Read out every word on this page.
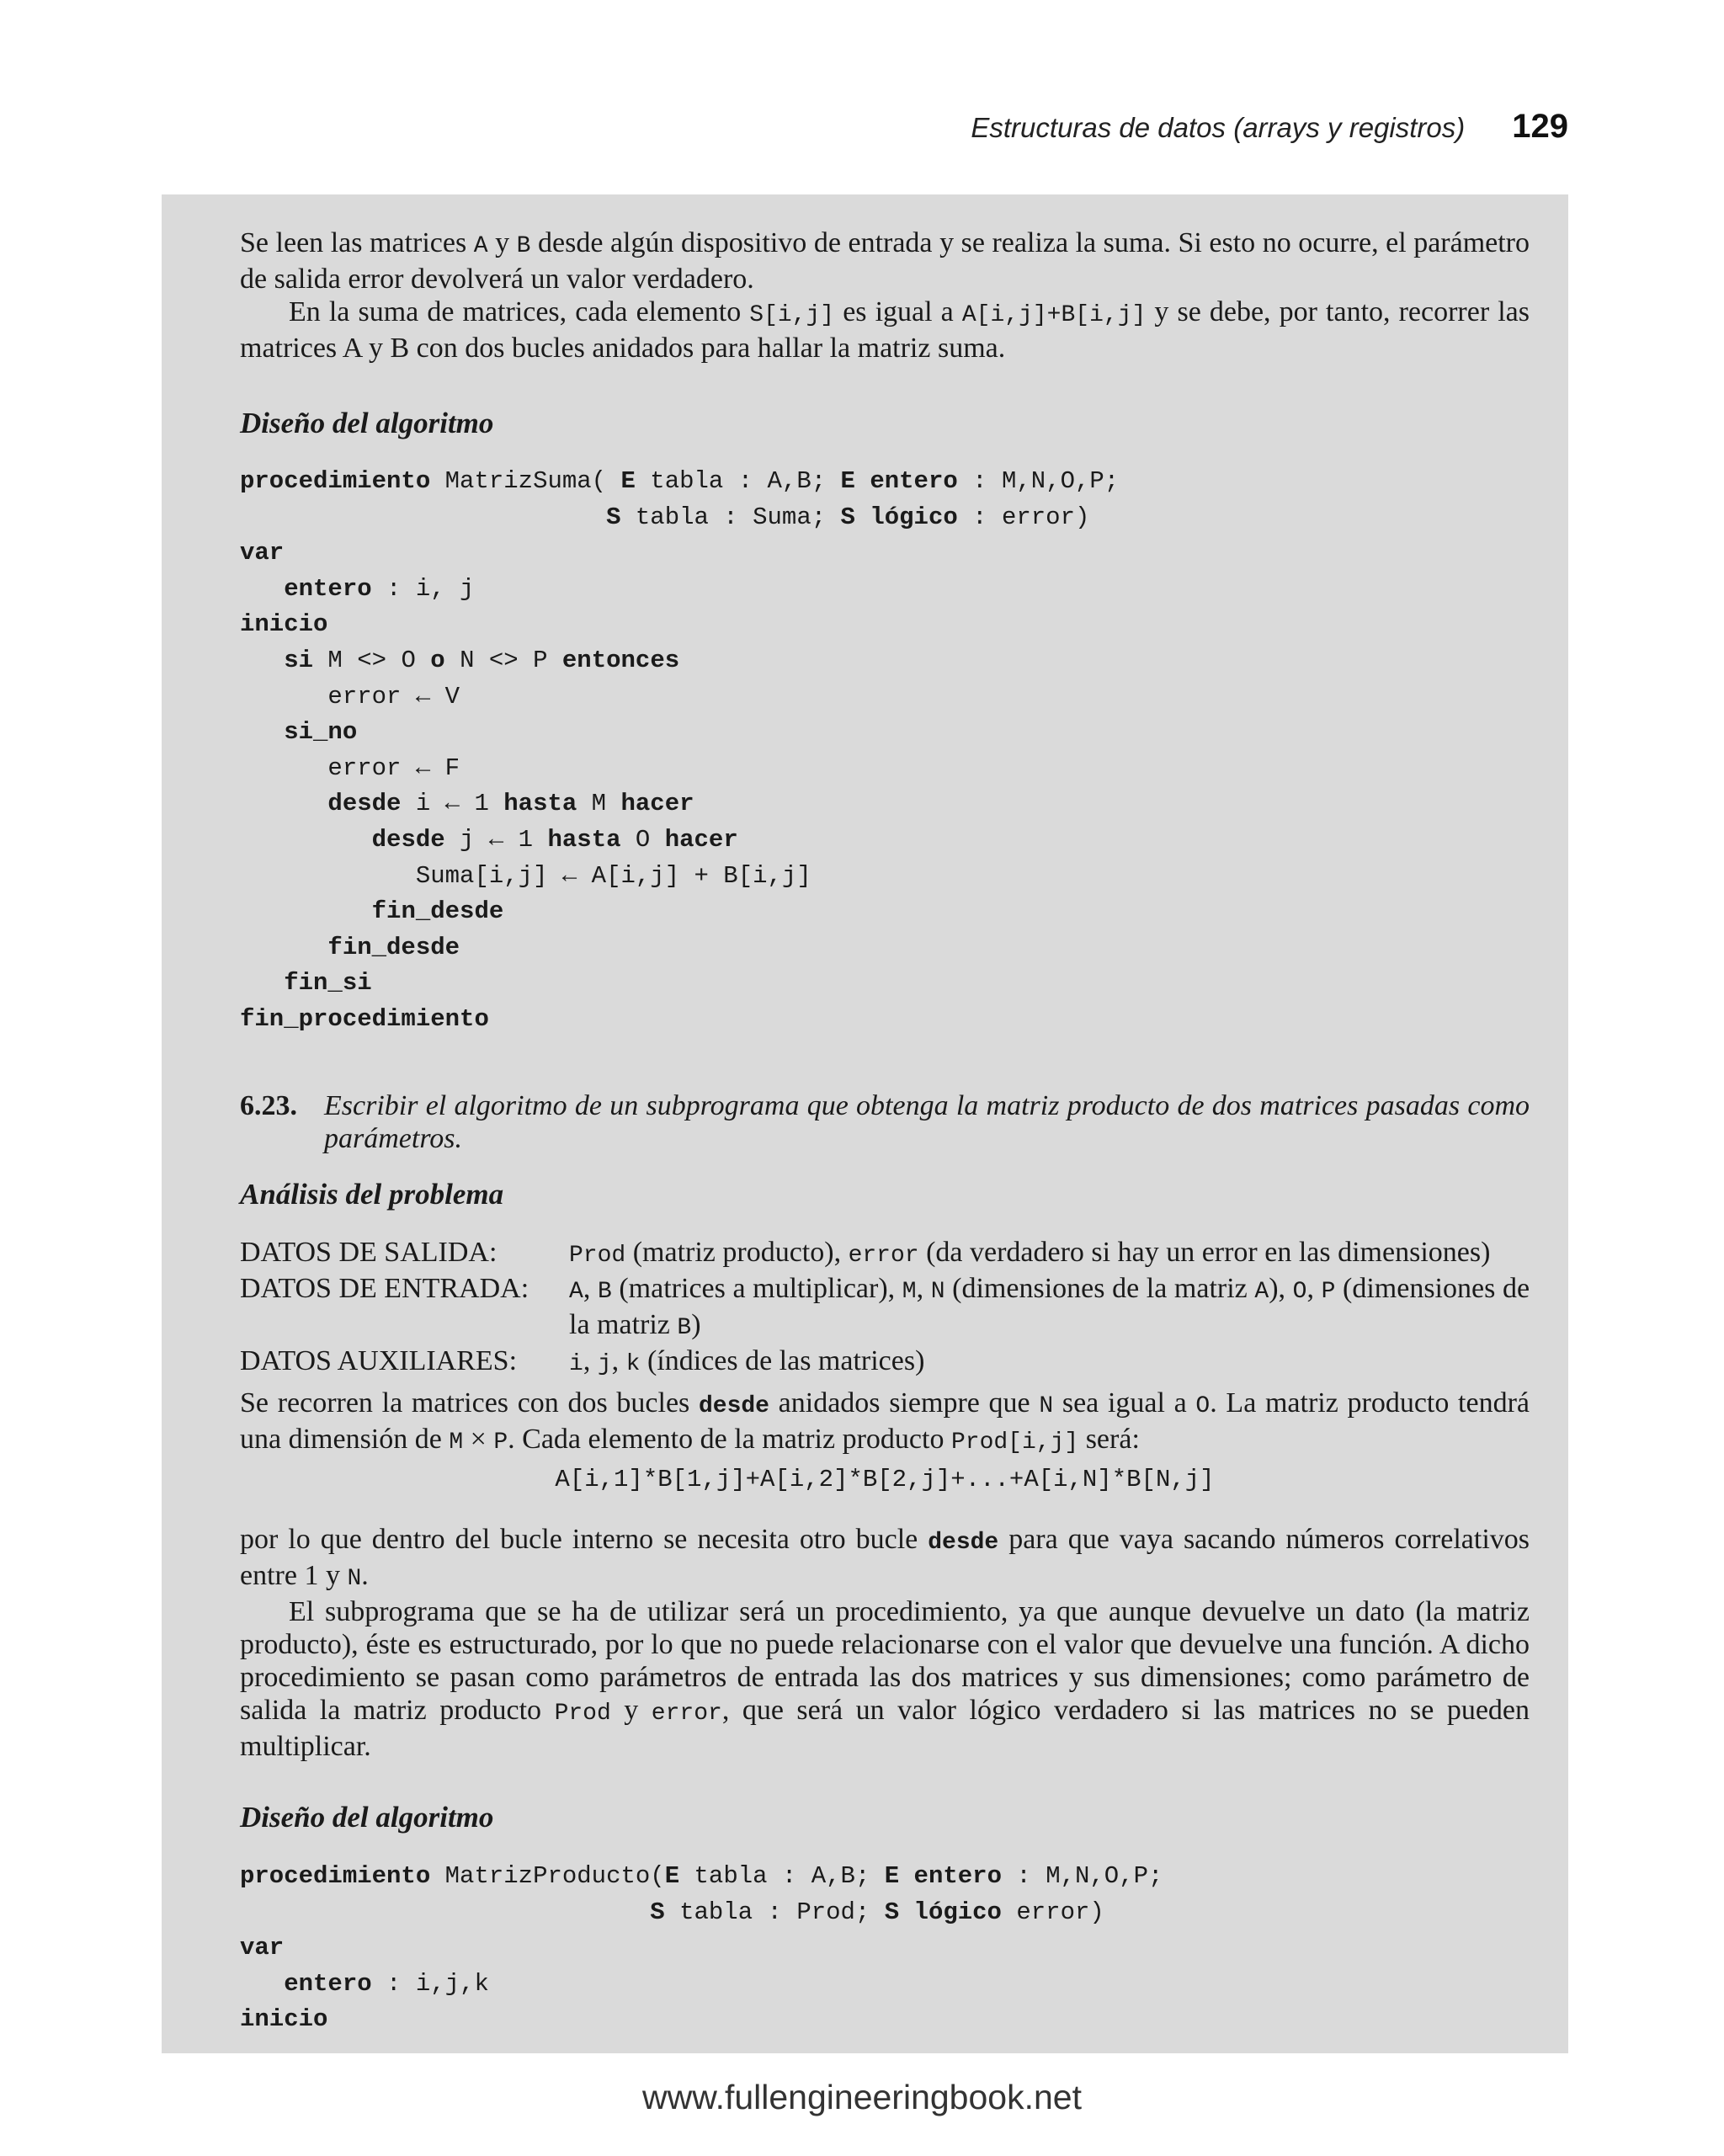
Estructuras de datos (arrays y registros) 129

Se leen las matrices A y B desde algún dispositivo de entrada y se realiza la suma. Si esto no ocurre, el parámetro de salida error devolverá un valor verdadero.

En la suma de matrices, cada elemento S[i,j] es igual a A[i,j]+B[i,j] y se debe, por tanto, recorrer las matrices A y B con dos bucles anidados para hallar la matriz suma.

Diseño del algoritmo
procedimiento MatrizSuma( E tabla : A,B; E entero : M,N,O,P;
S tabla : Suma; S lógico : error)
var
entero : i, j
inicio
si M <> O o N <> P entonces
error ← V
si_no
error ← F
desde i ← 1 hasta M hacer
desde j ← 1 hasta O hacer
Suma[i,j] ← A[i,j] + B[i,j]
fin_desde
fin_desde
fin_si
fin_procedimiento
6.23. Escribir el algoritmo de un subprograma que obtenga la matriz producto de dos matrices pasadas como parámetros.
Análisis del problema
DATOS DE SALIDA:	Prod (matriz producto), error (da verdadero si hay un error en las dimensiones)
DATOS DE ENTRADA:	A, B (matrices a multiplicar), M, N (dimensiones de la matriz A), O, P (dimensiones de la matriz B)
DATOS AUXILIARES:	i, j, k (índices de las matrices)

Se recorren la matrices con dos bucles desde anidados siempre que N sea igual a O. La matriz producto tendrá una dimensión de M × P. Cada elemento de la matriz producto Prod[i,j] será:

A[i,1]*B[1,j]+A[i,2]*B[2,j]+...+A[i,N]*B[N,j]

por lo que dentro del bucle interno se necesita otro bucle desde para que vaya sacando números correlativos entre 1 y N.

El subprograma que se ha de utilizar será un procedimiento, ya que aunque devuelve un dato (la matriz producto), éste es estructurado, por lo que no puede relacionarse con el valor que devuelve una función. A dicho procedimiento se pasan como parámetros de entrada las dos matrices y sus dimensiones; como parámetro de salida la matriz producto Prod y error, que será un valor lógico verdadero si las matrices no se pueden multiplicar.

Diseño del algoritmo
procedimiento MatrizProducto(E tabla : A,B; E entero : M,N,O,P;
S tabla : Prod; S lógico error)
var
entero : i,j,k
inicio
www.fullengineeringbook.net
